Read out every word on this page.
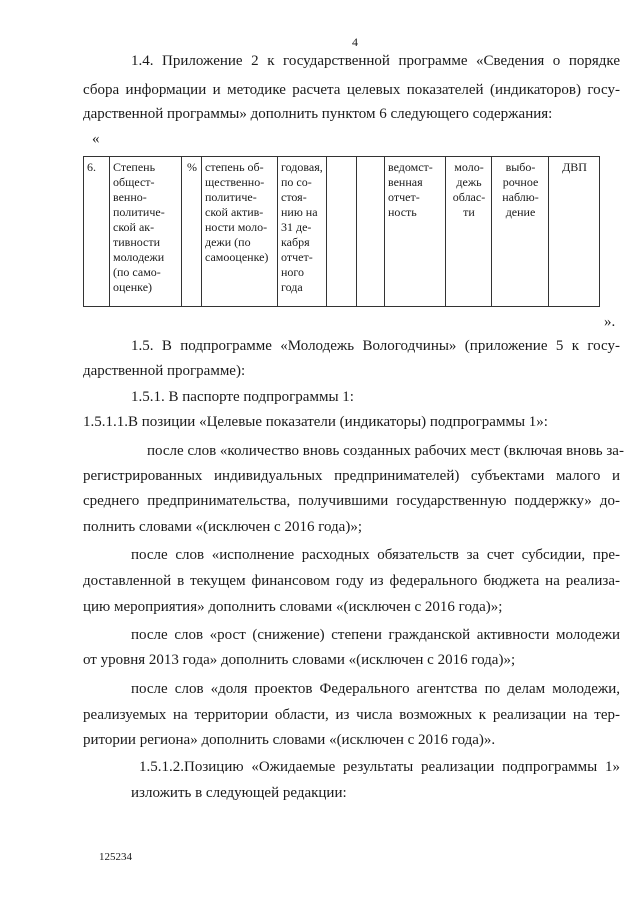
4
1.4. Приложение 2 к государственной программе «Сведения о порядке
сбора информации и методике расчета целевых показателей (индикаторов) госу-
дарственной программы» дополнить пунктом 6 следующего содержания:
«
6.	Степень общест-венно-политиче-ской ак-тивности молодежи (по само-оценке)	%	степень об-щественно-политиче-ской актив-ности моло-дежи (по самооценке)	годовая, по со-стоя-нию на 31 де-кабря отчет-ного года			ведомст-венная отчет-ность	моло-дежь облас-ти	выбо-рочное наблю-дение	ДВП
».
1.5. В подпрограмме «Молодежь Вологодчины» (приложение 5 к госу-
дарственной программе):
1.5.1. В паспорте подпрограммы 1:
1.5.1.1.В позиции «Целевые показатели (индикаторы) подпрограммы 1»:
после слов «количество вновь созданных рабочих мест (включая вновь за-
регистрированных индивидуальных предпринимателей) субъектами малого и
среднего предпринимательства, получившими государственную поддержку» до-
полнить словами «(исключен с 2016 года)»;
после слов «исполнение расходных обязательств за счет субсидии, пре-
доставленной в текущем финансовом году из федерального бюджета на реализа-
цию мероприятия» дополнить словами «(исключен с 2016 года)»;
после слов «рост (снижение) степени гражданской активности молодежи
от уровня 2013 года» дополнить словами «(исключен с 2016 года)»;
после слов «доля проектов Федерального агентства по делам молодежи,
реализуемых на территории области, из числа возможных к реализации на тер-
ритории региона» дополнить словами «(исключен с 2016 года)».
1.5.1.2.Позицию «Ожидаемые результаты реализации подпрограммы 1»
изложить в следующей редакции:
125234
